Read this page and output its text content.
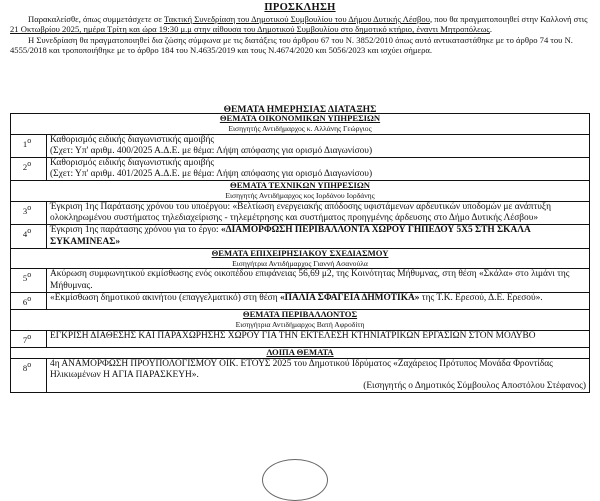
ΠΡΟΣΚΛΗΣΗ

Παρακαλείσθε, όπως συμμετάσχετε σε Τακτική Συνεδρίαση του Δημοτικού Συμβουλίου του Δήμου Δυτικής Λέσβου, που θα πραγματοποιηθεί στην Καλλονή στις 21 Οκτωβρίου 2025, ημέρα Τρίτη και ώρα 19:30 μ.μ στην αίθουσα του Δημοτικού Συμβουλίου στο δημοτικό κτήριο, έναντι Μητροπόλεως.

Η Συνεδρίαση θα πραγματοποιηθεί δια ζώσης σύμφωνα με τις διατάξεις του άρθρου 67 του Ν. 3852/2010 όπως αυτό αντικαταστάθηκε με το άρθρο 74 του Ν. 4555/2018 και τροποποιήθηκε με το άρθρο 184 του Ν.4635/2019 και τους Ν.4674/2020 και 5056/2023 και ισχύει σήμερα.

ΘΕΜΑΤΑ ΗΜΕΡΗΣΙΑΣ ΔΙΑΤΑΞΗΣ
ΘΕΜΑΤΑ ΟΙΚΟΝΟΜΙΚΩΝ ΥΠΗΡΕΣΙΩΝ
Εισηγητής Αντιδήμαρχος κ. Αλλάνης Γεώργιος	

$1^o$	Καθορισμός ειδικής διαγωνιστικής αμοιβής
(Σχετ: Υπ' αριθμ. 400/2025 Α.Δ.Ε. με θέμα: Λήψη απόφασης για ορισμό Διαγωνίσου)
$2^o$	Καθορισμός ειδικής διαγωνιστικής αμοιβής
(Σχετ: Υπ' αριθμ. 401/2025 Α.Δ.Ε. με θέμα: Λήψη απόφασης για ορισμό Διαγωνίσου)

ΘΕΜΑΤΑ ΤΕΧΝΙΚΩΝ ΥΠΗΡΕΣΙΩΝ
Εισηγητής Αντιδήμαρχος κος Ιορδάνου Ιορδάνης	

$3^o$	Έγκριση 1ης Παράτασης χρόνου του υποέργου: «Βελτίωση ενεργειακής απόδοσης υφιστάμενων αρδευτικών υποδομών με ανάπτυξη ολοκληρωμένου συστήματος τηλεδιαχείρισης - τηλεμέτρησης και συστήματος προηγμένης άρδευσης στο Δήμο Δυτικής Λέσβου»
$4^o$	Έγκριση 1ης παράτασης χρόνου για το έργο: «ΔΙΑΜΟΡΦΩΣΗ ΠΕΡΙΒΑΛΛΟΝΤΑ ΧΩΡΟΥ ΓΗΠΕΔΟΥ 5Χ5 ΣΤΗ ΣΚΑΛΑ ΣΥΚΑΜΙΝΕΑΣ»

ΘΕΜΑΤΑ ΕΠΙΧΕΙΡΗΣΙΑΚΟΥ ΣΧΕΔΙΑΣΜΟΥ
Εισηγήτρια Αντιδήμαρχος Γιαννή Ασανούλα	

$5^o$	Ακύρωση συμφωνητικού εκμίσθωσης ενός οικοπέδου επιφάνειας 56,69 μ2, της Κοινότητας Μήθυμνας, στη θέση «Σκάλα» στο λιμάνι της Μήθυμνας.
$6^o$	«Εκμίσθωση δημοτικού ακινήτου (επαγγελματικό) στη θέση «ΠΑΛΙΑ ΣΦΑΓΕΙΑ ΔΗΜΟΤΙΚΑ» της Τ.Κ. Ερεσού, Δ.Ε. Ερεσού».

ΘΕΜΑΤΑ ΠΕΡΙΒΑΛΛΟΝΤΟΣ
Εισηγήτρια Αντιδήμαρχος Βατή Αφροδίτη	

$7^o$	ΕΓΚΡΙΣΗ ΔΙΑΘΕΣΗΣ ΚΑΙ ΠΑΡΑΧΩΡΗΣΗΣ ΧΩΡΟΥ ΓΙΑ ΤΗΝ ΕΚΤΕΛΕΣΗ ΚΤΗΝΙΑΤΡΙΚΩΝ ΕΡΓΑΣΙΩΝ ΣΤΟΝ ΜΟΛΥΒΟ

ΛΟΙΠΑ ΘΕΜΑΤΑ	

$8^o$	4η ΑΝΑΜΟΡΦΩΣΗ ΠΡΟΥΠΟΛΟΓΙΣΜΟΥ ΟΙΚ. ΕΤΟΥΣ 2025 του Δημοτικού Ιδρύματος «Ζαχάρειος Πρότυπος Μονάδα Φροντίδας Ηλικιωμένων Η ΑΓΙΑ ΠΑΡΑΣΚΕΥΗ».
(Εισηγητής ο Δημοτικός Σύμβουλος Αποστόλου Στέφανος)
